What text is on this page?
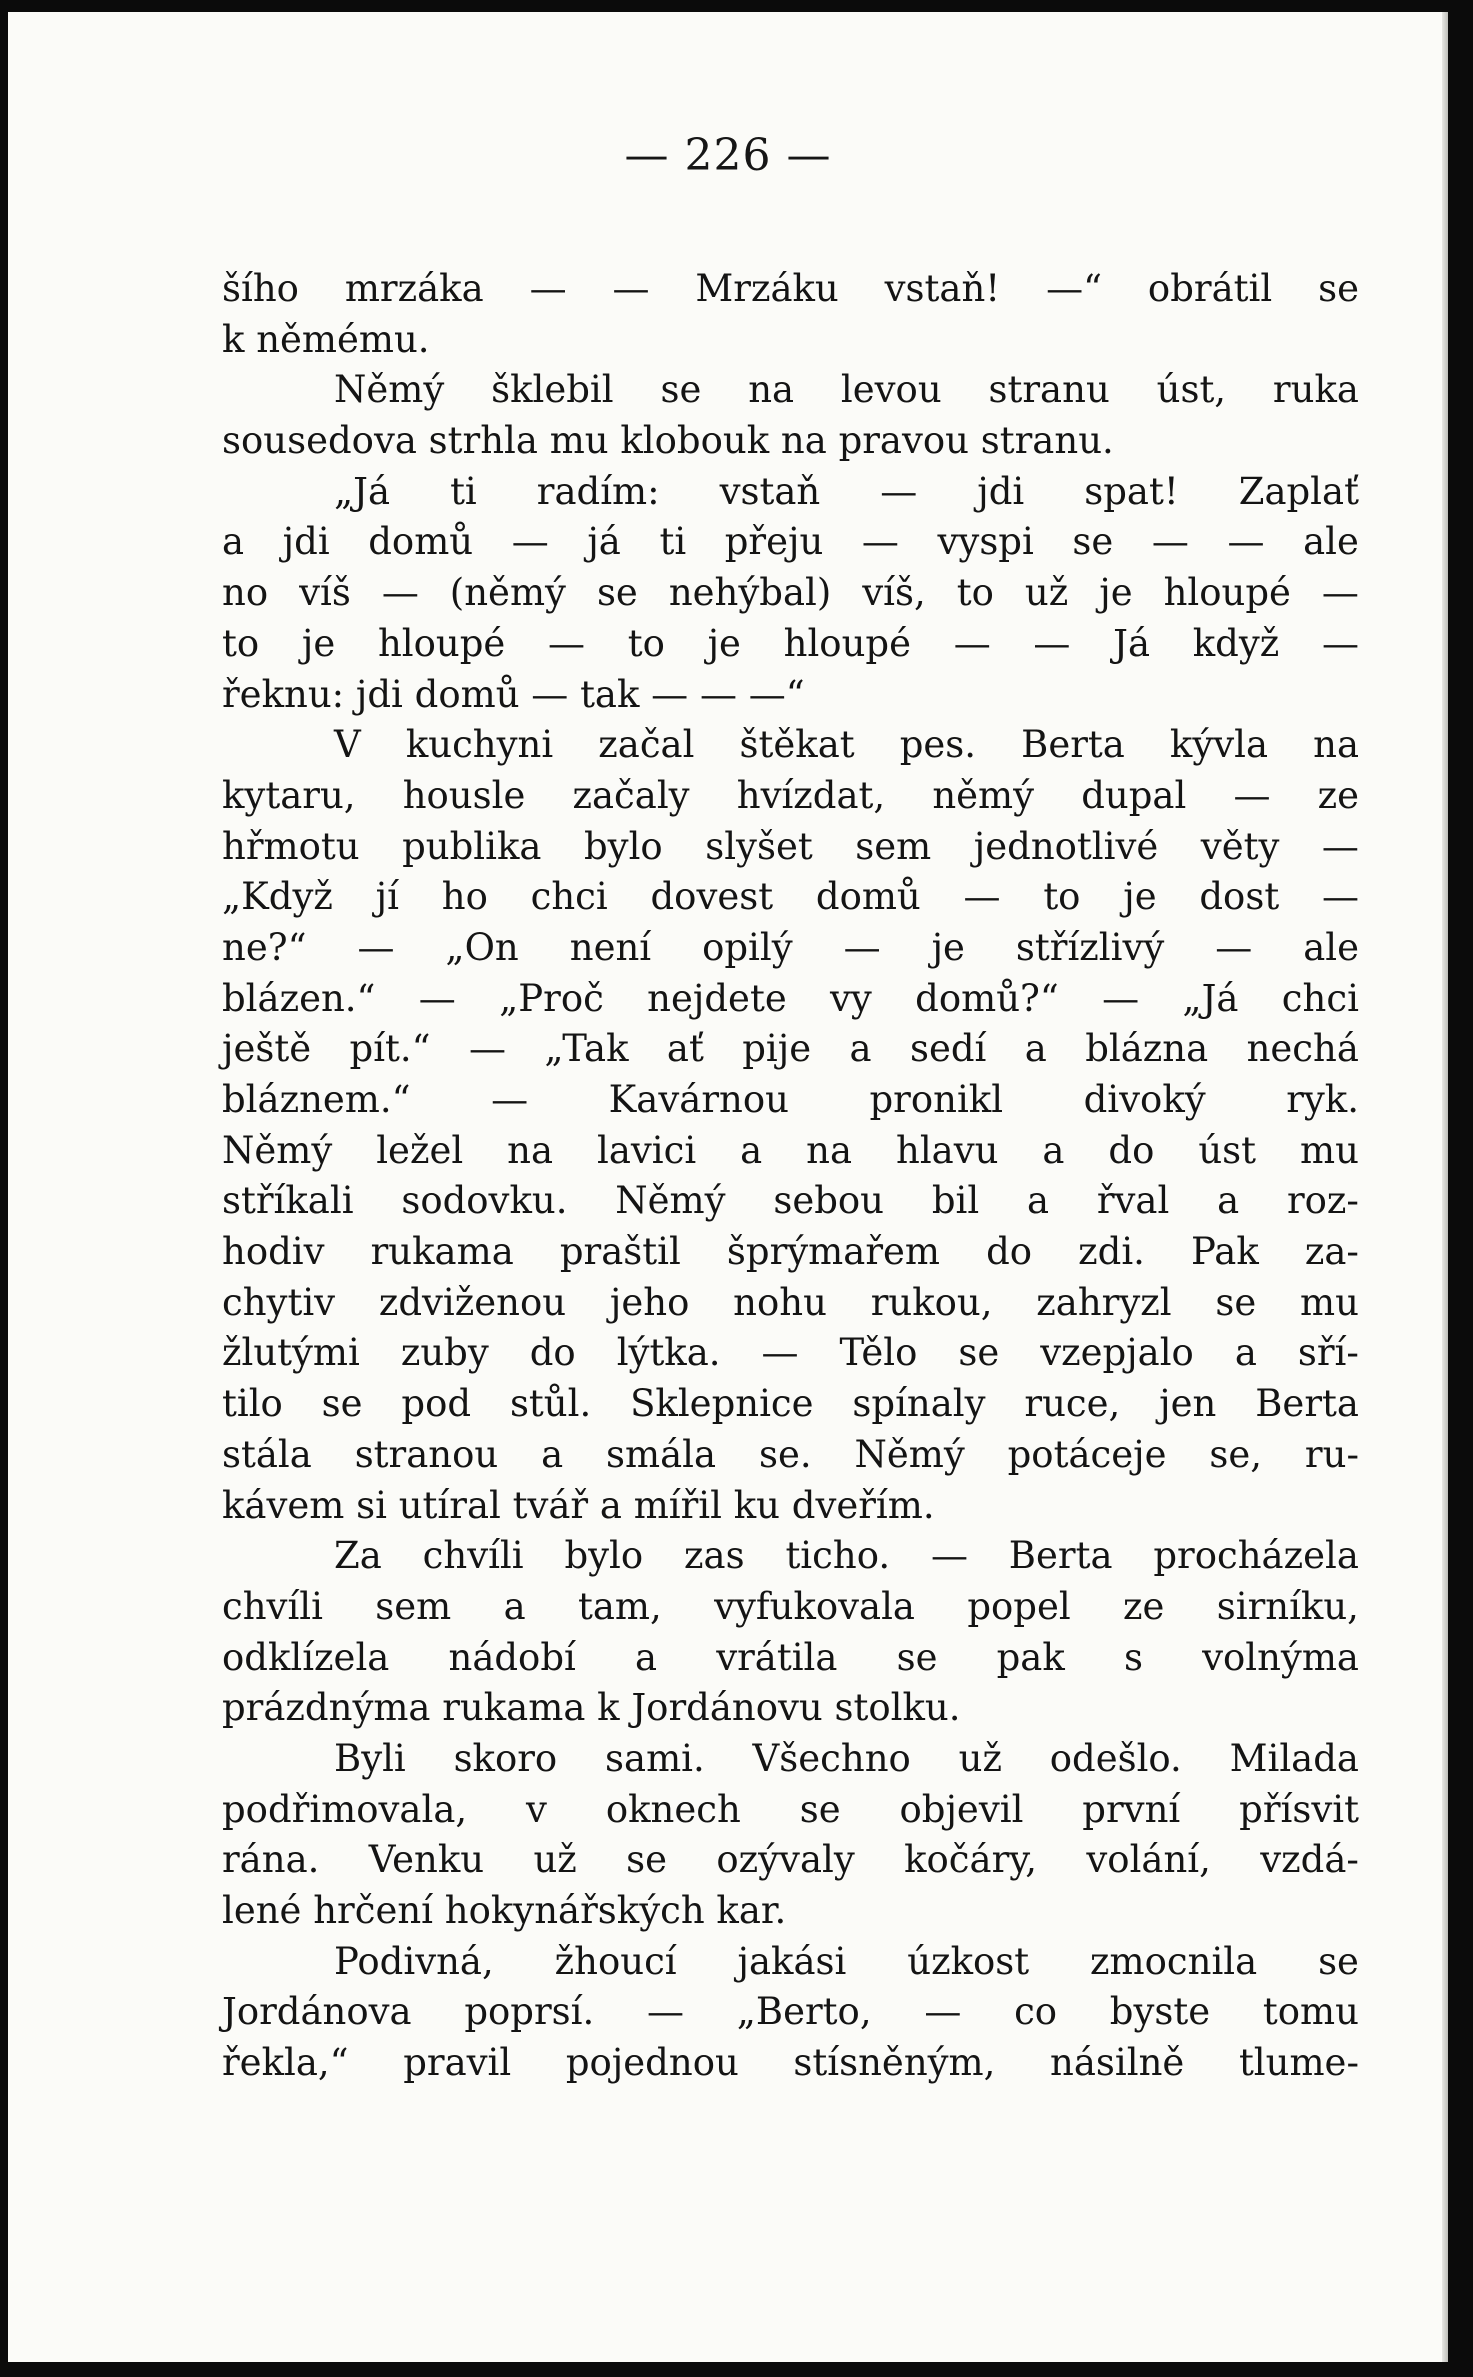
— 226 —
šího mrzáka — — Mrzáku vstaň! —“ obrátil se
k němému.
Němý šklebil se na levou stranu úst, ruka
sousedova strhla mu klobouk na pravou stranu.
„Já ti radím: vstaň — jdi spat! Zaplať
a jdi domů — já ti přeju — vyspi se — — ale
no víš — (němý se nehýbal) víš, to už je hloupé —
to je hloupé — to je hloupé — — Já když —
řeknu: jdi domů — tak — — —“
V kuchyni začal štěkat pes. Berta kývla na
kytaru, housle začaly hvízdat, němý dupal — ze
hřmotu publika bylo slyšet sem jednotlivé věty —
„Když jí ho chci dovest domů — to je dost —
ne?“ — „On není opilý — je střízlivý — ale
blázen.“ — „Proč nejdete vy domů?“ — „Já chci
ještě pít.“ — „Tak ať pije a sedí a blázna nechá
bláznem.“ — Kavárnou pronikl divoký ryk.
Němý ležel na lavici a na hlavu a do úst mu
stříkali sodovku. Němý sebou bil a řval a roz-
hodiv rukama praštil šprýmařem do zdi. Pak za-
chytiv zdviženou jeho nohu rukou, zahryzl se mu
žlutými zuby do lýtka. — Tělo se vzepjalo a sří-
tilo se pod stůl. Sklepnice spínaly ruce, jen Berta
stála stranou a smála se. Němý potáceje se, ru-
kávem si utíral tvář a mířil ku dveřím.
Za chvíli bylo zas ticho. — Berta procházela
chvíli sem a tam, vyfukovala popel ze sirníku,
odklízela nádobí a vrátila se pak s volnýma
prázdnýma rukama k Jordánovu stolku.
Byli skoro sami. Všechno už odešlo. Milada
podřimovala, v oknech se objevil první přísvit
rána. Venku už se ozývaly kočáry, volání, vzdá-
lené hrčení hokynářských kar.
Podivná, žhoucí jakási úzkost zmocnila se
Jordánova poprsí. — „Berto, — co byste tomu
řekla,“ pravil pojednou stísněným, násilně tlume-
